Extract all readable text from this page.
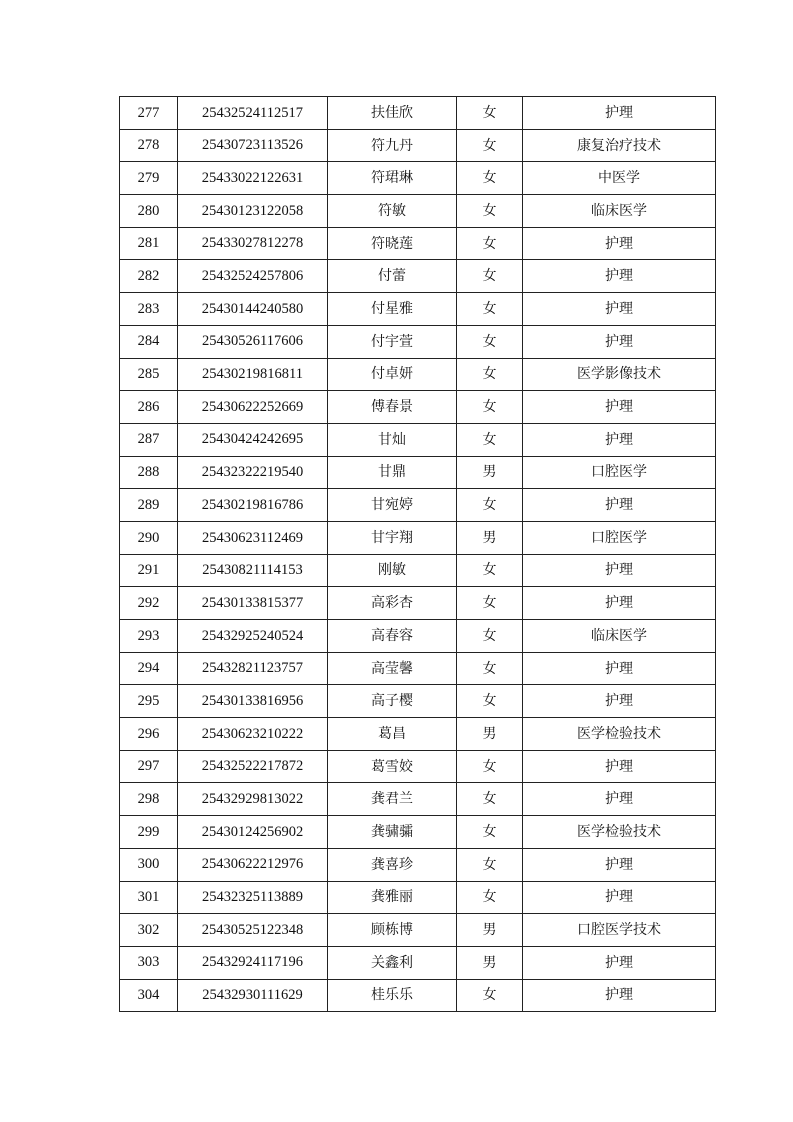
277	25432524112517	扶佳欣	女	护理
278	25430723113526	符九丹	女	康复治疗技术
279	25433022122631	符珺琳	女	中医学
280	25430123122058	符敏	女	临床医学
281	25433027812278	符晓莲	女	护理
282	25432524257806	付蕾	女	护理
283	25430144240580	付星雅	女	护理
284	25430526117606	付宇萱	女	护理
285	25430219816811	付卓妍	女	医学影像技术
286	25430622252669	傅春景	女	护理
287	25430424242695	甘灿	女	护理
288	25432322219540	甘鼎	男	口腔医学
289	25430219816786	甘宛婷	女	护理
290	25430623112469	甘宇翔	男	口腔医学
291	25430821114153	刚敏	女	护理
292	25430133815377	高彩杏	女	护理
293	25432925240524	高春容	女	临床医学
294	25432821123757	高莹馨	女	护理
295	25430133816956	高子樱	女	护理
296	25430623210222	葛昌	男	医学检验技术
297	25432522217872	葛雪姣	女	护理
298	25432929813022	龚君兰	女	护理
299	25430124256902	龚骕骦	女	医学检验技术
300	25430622212976	龚喜珍	女	护理
301	25432325113889	龚雅丽	女	护理
302	25430525122348	顾栋博	男	口腔医学技术
303	25432924117196	关鑫利	男	护理
304	25432930111629	桂乐乐	女	护理
